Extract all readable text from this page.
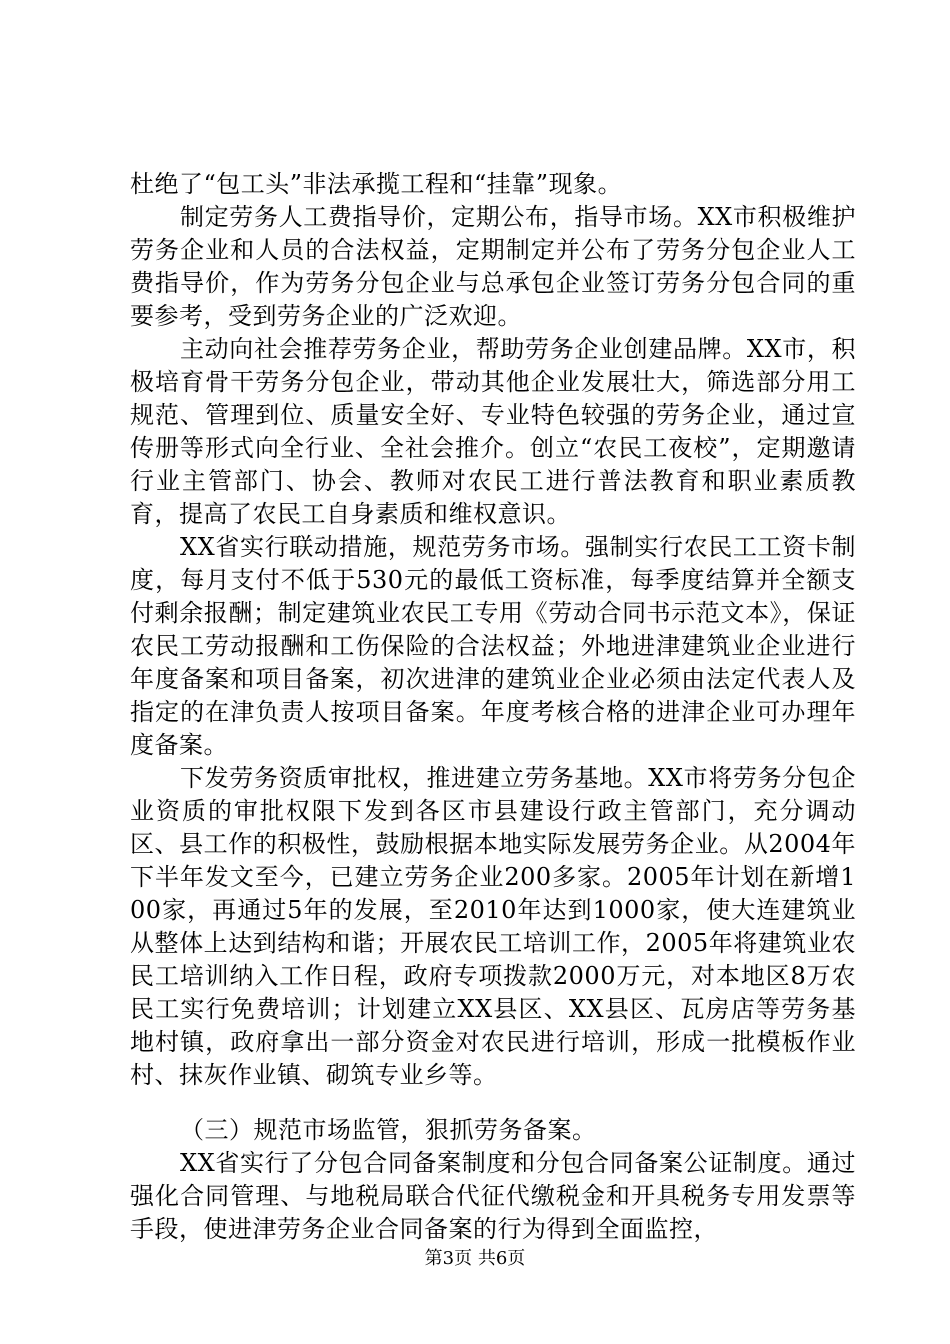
杜绝了“包工头”非法承揽工程和“挂靠”现象。

制定劳务人工费指导价，定期公布，指导市场。XX市积极维护劳务企业和人员的合法权益，定期制定并公布了劳务分包企业人工费指导价，作为劳务分包企业与总承包企业签订劳务分包合同的重要参考，受到劳务企业的广泛欢迎。

主动向社会推荐劳务企业，帮助劳务企业创建品牌。XX市，积极培育骨干劳务分包企业，带动其他企业发展壮大，筛选部分用工规范、管理到位、质量安全好、专业特色较强的劳务企业，通过宣传册等形式向全行业、全社会推介。创立“农民工夜校”，定期邀请行业主管部门、协会、教师对农民工进行普法教育和职业素质教育，提高了农民工自身素质和维权意识。

XX省实行联动措施，规范劳务市场。强制实行农民工工资卡制度，每月支付不低于530元的最低工资标准，每季度结算并全额支付剩余报酬；制定建筑业农民工专用《劳动合同书示范文本》，保证农民工劳动报酬和工伤保险的合法权益；外地进津建筑业企业进行年度备案和项目备案，初次进津的建筑业企业必须由法定代表人及指定的在津负责人按项目备案。年度考核合格的进津企业可办理年度备案。

下发劳务资质审批权，推进建立劳务基地。XX市将劳务分包企业资质的审批权限下发到各区市县建设行政主管部门，充分调动区、县工作的积极性，鼓励根据本地实际发展劳务企业。从2004年下半年发文至今，已建立劳务企业200多家。2005年计划在新增100家，再通过5年的发展，至2010年达到1000家，使大连建筑业从整体上达到结构和谐；开展农民工培训工作，2005年将建筑业农民工培训纳入工作日程，政府专项拨款2000万元，对本地区8万农民工实行免费培训；计划建立XX县区、XX县区、瓦房店等劳务基地村镇，政府拿出一部分资金对农民进行培训，形成一批模板作业村、抹灰作业镇、砌筑专业乡等。

（三）规范市场监管，狠抓劳务备案。

XX省实行了分包合同备案制度和分包合同备案公证制度。通过强化合同管理、与地税局联合代征代缴税金和开具税务专用发票等手段，使进津劳务企业合同备案的行为得到全面监控，

第3页 共6页
